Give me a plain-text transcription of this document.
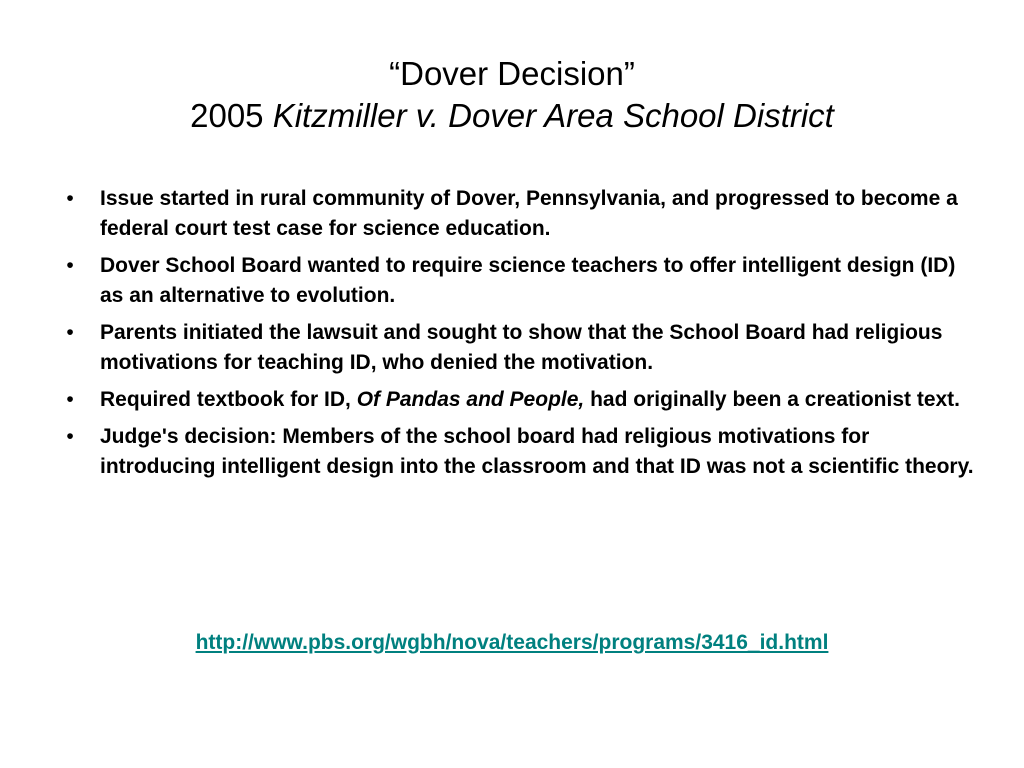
“Dover Decision”
2005 Kitzmiller v. Dover Area School District
•	Issue started in rural community of Dover, Pennsylvania, and progressed to become a federal court test case for science education.
•	Dover School Board wanted to require science teachers to offer intelligent design (ID) as an alternative to evolution.
•	Parents initiated the lawsuit and sought to show that the School Board had religious motivations for teaching ID, who denied the motivation.
•	Required textbook for ID, Of Pandas and People, had originally been a creationist text.
•	Judge's decision: Members of the school board had religious motivations for introducing intelligent design into the classroom and that ID was not a scientific theory.
http://www.pbs.org/wgbh/nova/teachers/programs/3416_id.html
